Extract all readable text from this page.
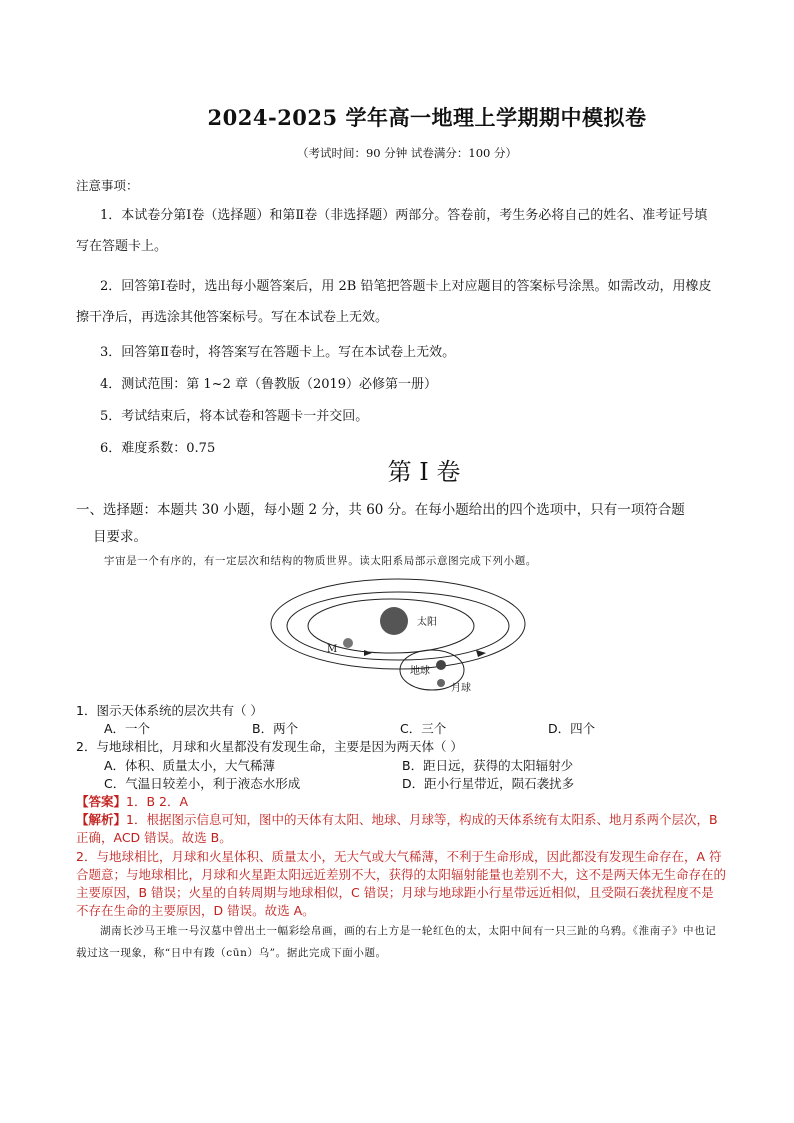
2024-2025 学年高一地理上学期期中模拟卷
（考试时间：90 分钟 试卷满分：100 分）
注意事项：

1．本试卷分第Ⅰ卷（选择题）和第Ⅱ卷（非选择题）两部分。答卷前，考生务必将自己的姓名、准考证号填写在答题卡上。

2．回答第Ⅰ卷时，选出每小题答案后，用 2B 铅笔把答题卡上对应题目的答案标号涂黑。如需改动，用橡皮擦干净后，再选涂其他答案标号。写在本试卷上无效。

3．回答第Ⅱ卷时，将答案写在答题卡上。写在本试卷上无效。

4．测试范围：第 1~2 章（鲁教版（2019）必修第一册）

5．考试结束后，将本试卷和答题卡一并交回。

6．难度系数：0.75

第 I 卷
一、选择题：本题共 30 小题，每小题 2 分，共 60 分。在每小题给出的四个选项中，只有一项符合题
目要求。
宇宙是一个有序的，有一定层次和结构的物质世界。读太阳系局部示意图完成下列小题。
太阳
M
地球
月球

1．图示天体系统的层次共有（ ）

A．一个	B．两个	C．三个	D．四个

2．与地球相比，月球和火星都没有发现生命，主要是因为两天体（ ）

A．体积、质量太小，大气稀薄	B．距日远，获得的太阳辐射少
C．气温日较差小，利于液态水形成	D．距小行星带近，陨石袭扰多

【答案】1．B 2．A

【解析】1．根据图示信息可知，图中的天体有太阳、地球、月球等，构成的天体系统有太阳系、地月系两个层次，B 正确，ACD 错误。故选 B。

2．与地球相比，月球和火星体积、质量太小，无大气或大气稀薄，不利于生命形成，因此都没有发现生命存在，A 符合题意；与地球相比，月球和火星距太阳远近差别不大，获得的太阳辐射能量也差别不大，这不是两天体无生命存在的主要原因，B 错误；火星的自转周期与地球相似，C 错误；月球与地球距小行星带远近相似，且受陨石袭扰程度不是不存在生命的主要原因，D 错误。故选 A。

湖南长沙马王堆一号汉墓中曾出土一幅彩绘帛画，画的右上方是一轮红色的太，太阳中间有一只三趾的乌鸦。《淮南子》中也记载过这一现象，称“日中有踆（cūn）乌”。据此完成下面小题。
